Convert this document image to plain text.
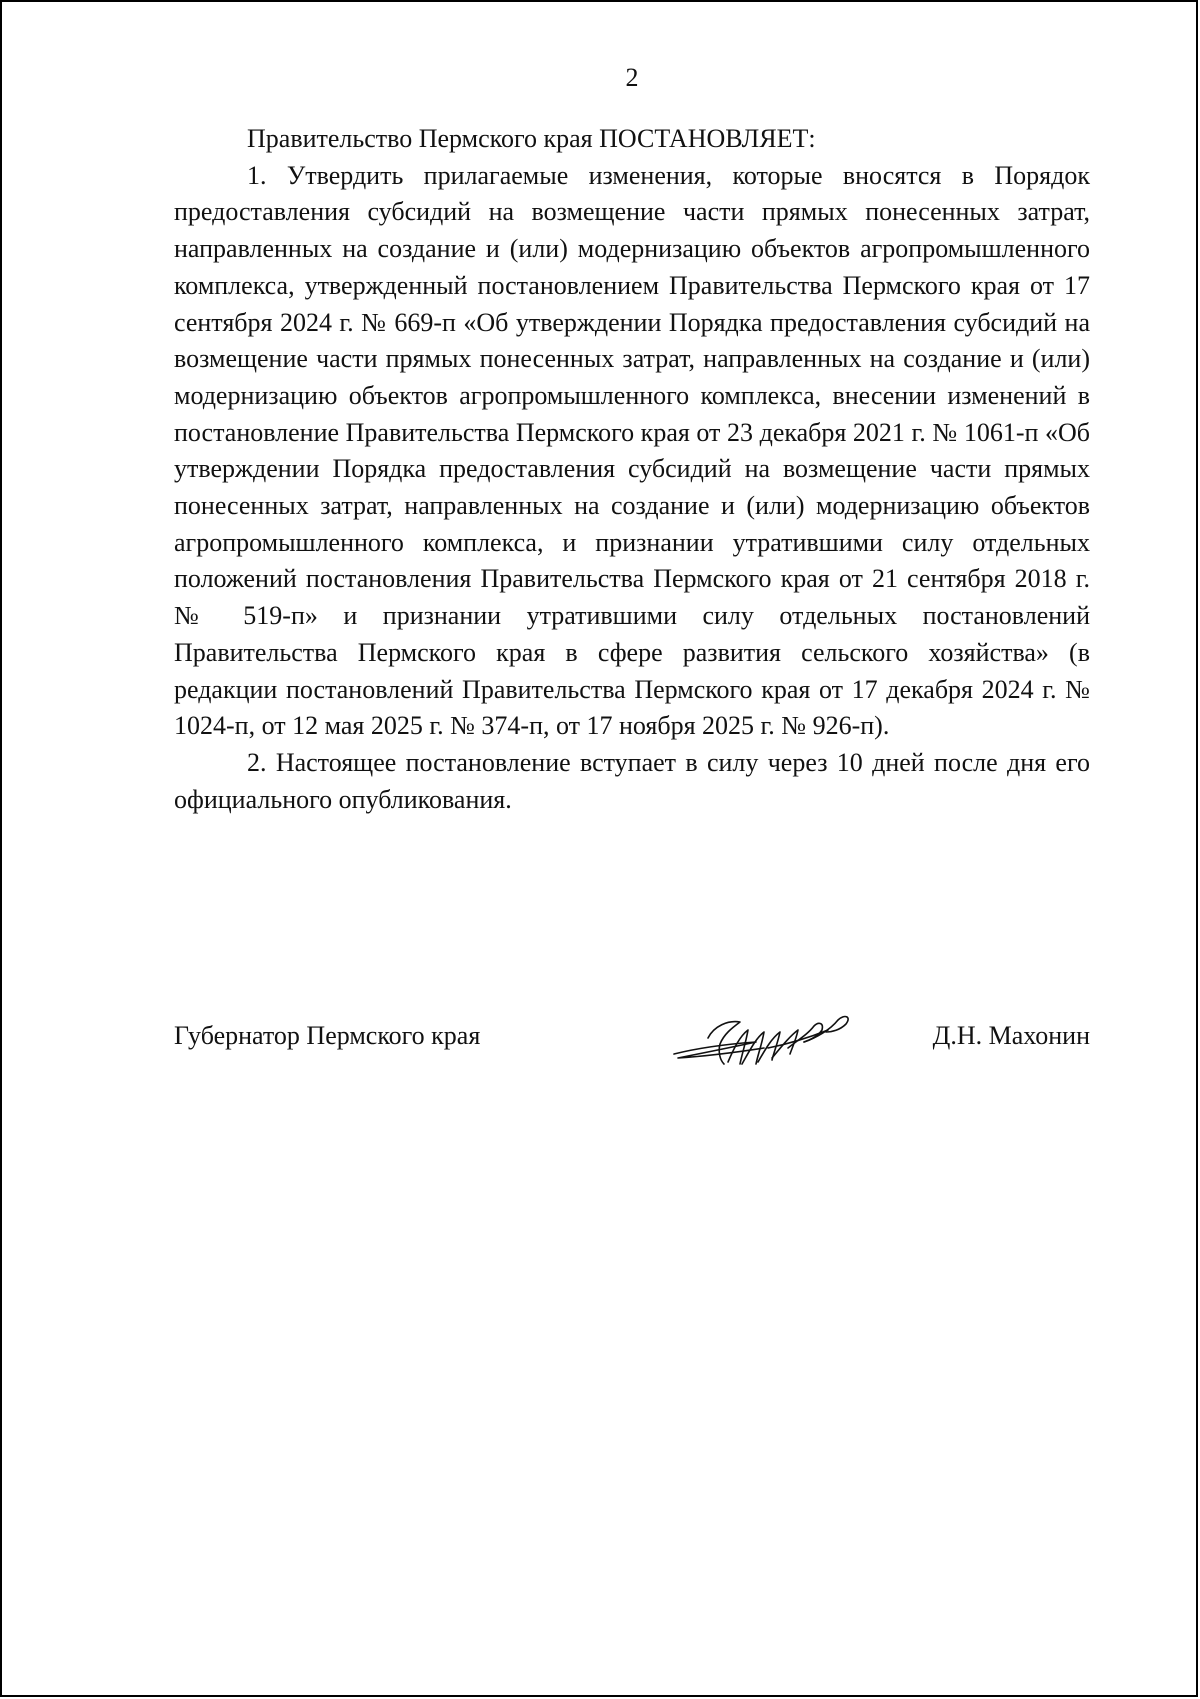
2

Правительство Пермского края ПОСТАНОВЛЯЕТ:

1. Утвердить прилагаемые изменения, которые вносятся в Порядок предоставления субсидий на возмещение части прямых понесенных затрат, направленных на создание и (или) модернизацию объектов агропромышленного комплекса, утвержденный постановлением Правительства Пермского края от 17 сентября 2024 г. № 669-п «Об утверждении Порядка предоставления субсидий на возмещение части прямых понесенных затрат, направленных на создание и (или) модернизацию объектов агропромышленного комплекса, внесении изменений в постановление Правительства Пермского края от 23 декабря 2021 г. № 1061-п «Об утверждении Порядка предоставления субсидий на возмещение части прямых понесенных затрат, направленных на создание и (или) модернизацию объектов агропромышленного комплекса, и признании утратившими силу отдельных положений постановления Правительства Пермского края от 21 сентября 2018 г. № 519-п» и признании утратившими силу отдельных постановлений Правительства Пермского края в сфере развития сельского хозяйства» (в редакции постановлений Правительства Пермского края от 17 декабря 2024 г. № 1024-п, от 12 мая 2025 г. № 374-п, от 17 ноября 2025 г. № 926-п).

2. Настоящее постановление вступает в силу через 10 дней после дня его официального опубликования.

Губернатор Пермского края	Д.Н. Махонин
